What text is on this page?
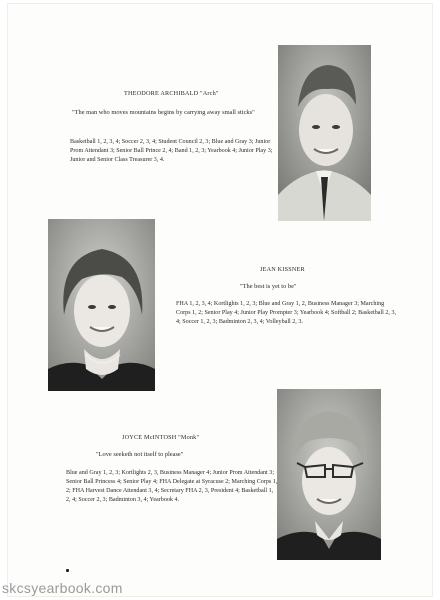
THEODORE ARCHIBALD "Arch"
"The man who moves mountains begins by carrying away small sticks"
Basketball 1, 2, 3, 4; Soccer 2, 3, 4; Student Council 2, 3; Blue and Gray 3; Junior Prom Attendant 3; Senior Ball Prince 2, 4; Band 1, 2, 3; Yearbook 4; Junior Play 3; Junior and Senior Class Treasurer 3, 4.
JEAN KISSNER
"The best is yet to be"
FHA 1, 2, 3, 4; Kortlights 1, 2, 3; Blue and Gray 1, 2, Business Manager 3; Marching Corps 1, 2; Senior Play 4; Junior Play Prompter 3; Yearbook 4; Softball 2; Basketball 2, 3, 4; Soccer 1, 2, 3; Badminton 2, 3, 4; Volleyball 2, 3.
JOYCE McINTOSH "Monk"
"Love seeketh not itself to please"
Blue and Gray 1, 2, 3; Kortlights 2, 3, Business Manager 4; Junior Prom Attendant 3; Senior Ball Princess 4; Senior Play 4; FHA Delegate at Syracuse 2; Marching Corps 1, 2; FHA Harvest Dance Attendant 3, 4; Secretary FHA 2, 3, President 4; Basketball 1, 2, 4; Soccer 2, 3; Badminton 3, 4; Yearbook 4.
skcsyearbook.com
